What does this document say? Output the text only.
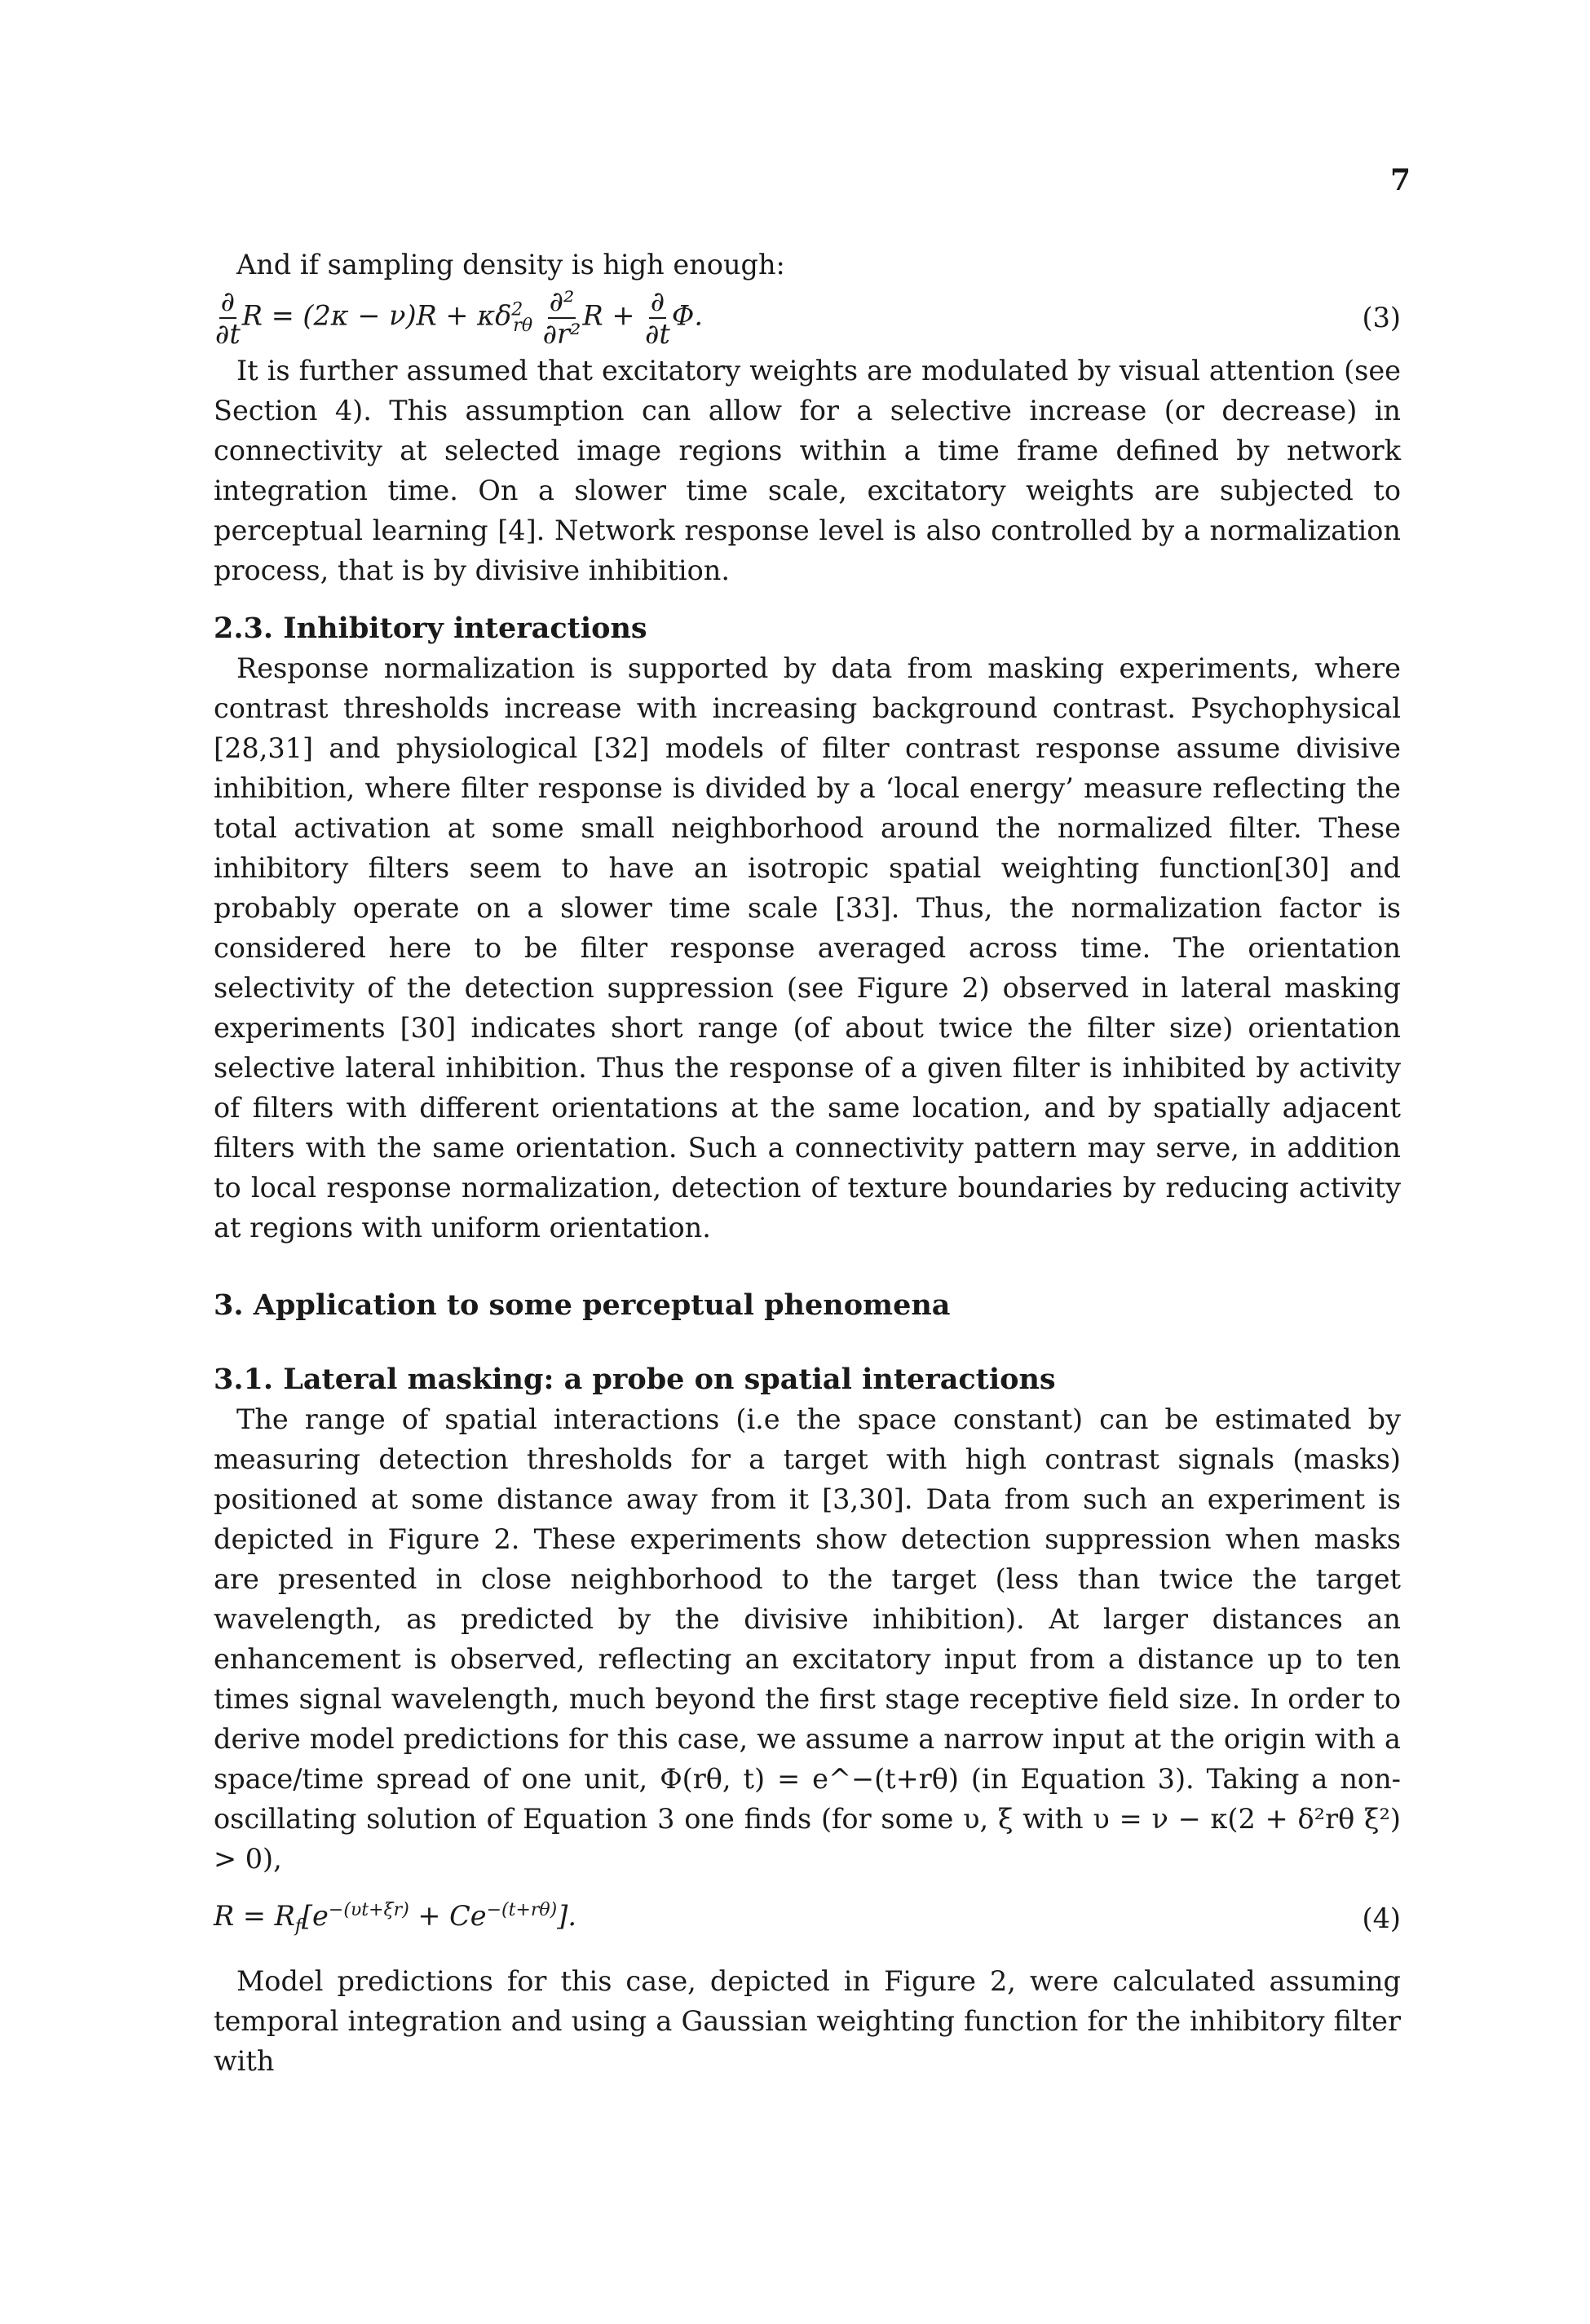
7

And if sampling density is high enough:

$\frac{\partial}{\partial t}$ $R = (2\kappa - \nu)R + \kappa\delta^2_{r\theta} \frac{\text{∂²}}{\text{∂r²}}$ $R + \frac{\partial}{\partial t} \Phi$.	(3)

It is further assumed that excitatory weights are modulated by visual attention (see Section 4). This assumption can allow for a selective increase (or decrease) in connectivity at selected image regions within a time frame defined by network integration time. On a slower time scale, excitatory weights are subjected to perceptual learning [4]. Network response level is also controlled by a normalization process, that is by divisive inhibition.

2.3. Inhibitory interactions

Response normalization is supported by data from masking experiments, where contrast thresholds increase with increasing background contrast. Psychophysical [28,31] and physiological [32] models of filter contrast response assume divisive inhibition, where filter response is divided by a ‘local energy’ measure reflecting the total activation at some small neighborhood around the normalized filter. These inhibitory filters seem to have an isotropic spatial weighting function[30] and probably operate on a slower time scale [33]. Thus, the normalization factor is considered here to be filter response averaged across time. The orientation selectivity of the detection suppression (see Figure 2) observed in lateral masking experiments [30] indicates short range (of about twice the filter size) orientation selective lateral inhibition. Thus the response of a given filter is inhibited by activity of filters with different orientations at the same location, and by spatially adjacent filters with the same orientation. Such a connectivity pattern may serve, in addition to local response normalization, detection of texture boundaries by reducing activity at regions with uniform orientation.

3. Application to some perceptual phenomena
3.1. Lateral masking: a probe on spatial interactions

The range of spatial interactions (i.e the space constant) can be estimated by measuring detection thresholds for a target with high contrast signals (masks) positioned at some distance away from it [3,30]. Data from such an experiment is depicted in Figure 2. These experiments show detection suppression when masks are presented in close neighborhood to the target (less than twice the target wavelength, as predicted by the divisive inhibition). At larger distances an enhancement is observed, reflecting an excitatory input from a distance up to ten times signal wavelength, much beyond the first stage receptive field size. In order to derive model predictions for this case, we assume a narrow input at the origin with a space/time spread of one unit, Φ(rθ, t) = e^−(t+rθ) (in Equation 3). Taking a non-oscillating solution of Equation 3 one finds (for some υ, ξ with υ = ν − κ(2 + δ²rθ ξ²) > 0),

$R = R_f[e^{-(\upsilon t+\xi r)} + Ce^{-(t+r\theta)}]$.	(4)

Model predictions for this case, depicted in Figure 2, were calculated assuming temporal integration and using a Gaussian weighting function for the inhibitory filter with
